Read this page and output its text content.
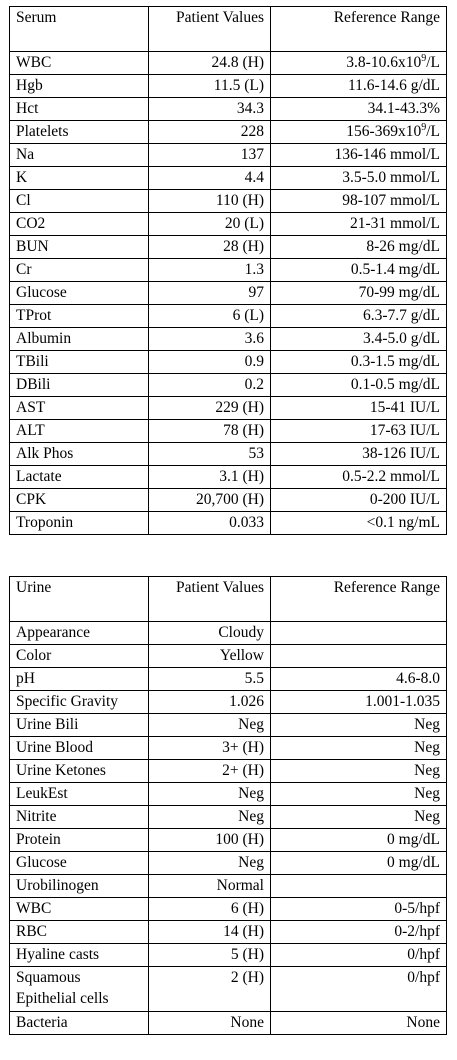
Serum	Patient Values	Reference Range
WBC	24.8 (H)	$3.8-10.6x10^9/L$
Hgb	11.5 (L)	11.6-14.6 g/dL
Hct	34.3	34.1-43.3%
Platelets	228	$156-369x10^9/L$
Na	137	136-146 mmol/L
K	4.4	3.5-5.0 mmol/L
Cl	110 (H)	98-107 mmol/L
CO2	20 (L)	21-31 mmol/L
BUN	28 (H)	8-26 mg/dL
Cr	1.3	0.5-1.4 mg/dL
Glucose	97	70-99 mg/dL
TProt	6 (L)	6.3-7.7 g/dL
Albumin	3.6	3.4-5.0 g/dL
TBili	0.9	0.3-1.5 mg/dL
DBili	0.2	0.1-0.5 mg/dL
AST	229 (H)	15-41 IU/L
ALT	78 (H)	17-63 IU/L
Alk Phos	53	38-126 IU/L
Lactate	3.1 (H)	0.5-2.2 mmol/L
CPK	20,700 (H)	0-200 IU/L
Troponin	0.033	<0.1 ng/mL
Urine	Patient Values	Reference Range
Appearance	Cloudy	
Color	Yellow	
pH	5.5	4.6-8.0
Specific Gravity	1.026	1.001-1.035
Urine Bili	Neg	Neg
Urine Blood	3+ (H)	Neg
Urine Ketones	2+ (H)	Neg
LeukEst	Neg	Neg
Nitrite	Neg	Neg
Protein	100 (H)	0 mg/dL
Glucose	Neg	0 mg/dL
Urobilinogen	Normal	
WBC	6 (H)	0-5/hpf
RBC	14 (H)	0-2/hpf
Hyaline casts	5 (H)	0/hpf
Squamous Epithelial cells	2 (H)	0/hpf
Bacteria	None	None
